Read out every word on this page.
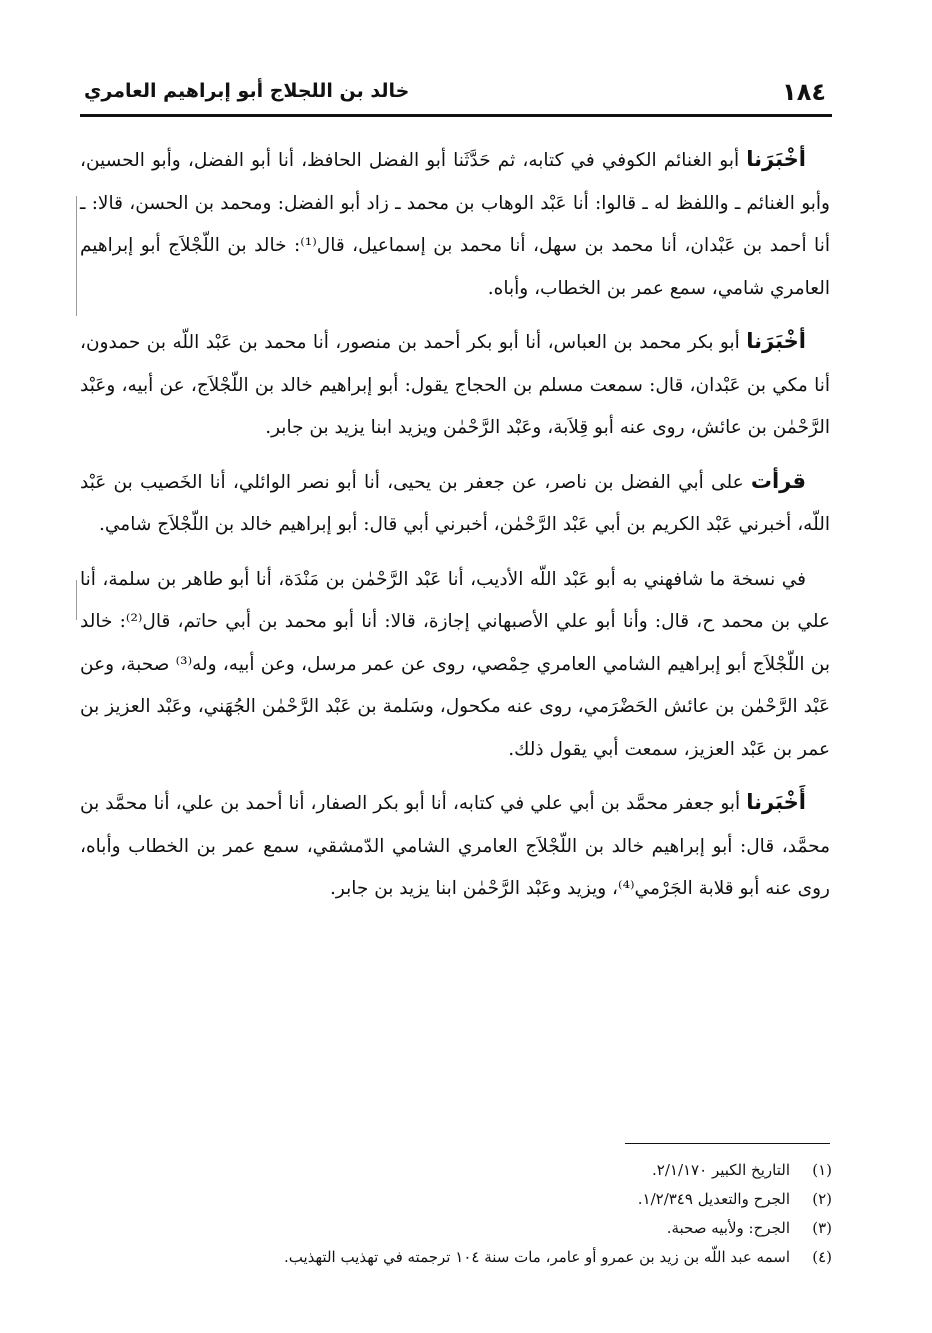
١٨٤
خالد بن اللجلاج أبو إبراهيم العامري

أخْبَرَنا أبو الغنائم الكوفي في كتابه، ثم حَدَّثَنا أبو الفضل الحافظ، أنا أبو الفضل، وأبو الحسين، وأبو الغنائم ـ واللفظ له ـ قالوا: أنا عَبْد الوهاب بن محمد ـ زاد أبو الفضل: ومحمد بن الحسن، قالا: ـ أنا أحمد بن عَبْدان، أنا محمد بن سهل، أنا محمد بن إسماعيل، قال⁽¹⁾: خالد بن اللّجْلاَج أبو إبراهيم العامري شامي، سمع عمر بن الخطاب، وأباه.

أخْبَرَنا أبو بكر محمد بن العباس، أنا أبو بكر أحمد بن منصور، أنا محمد بن عَبْد اللّه بن حمدون، أنا مكي بن عَبْدان، قال: سمعت مسلم بن الحجاج يقول: أبو إبراهيم خالد بن اللّجْلاَج، عن أبيه، وعَبْد الرَّحْمٰن بن عائش، روى عنه أبو قِلاَبة، وعَبْد الرَّحْمٰن ويزيد ابنا يزيد بن جابر.

قرأت على أبي الفضل بن ناصر، عن جعفر بن يحيى، أنا أبو نصر الوائلي، أنا الخَصيب بن عَبْد اللّه، أخبرني عَبْد الكريم بن أبي عَبْد الرَّحْمٰن، أخبرني أبي قال: أبو إبراهيم خالد بن اللّجْلاَج شامي.

في نسخة ما شافهني به أبو عَبْد اللّه الأديب، أنا عَبْد الرَّحْمٰن بن مَنْدَة، أنا أبو طاهر بن سلمة، أنا علي بن محمد ح، قال: وأنا أبو علي الأصبهاني إجازة، قالا: أنا أبو محمد بن أبي حاتم، قال⁽²⁾: خالد بن اللّجْلاَج أبو إبراهيم الشامي العامري حِمْصي، روى عن عمر مرسل، وعن أبيه، وله⁽³⁾ صحبة، وعن عَبْد الرَّحْمٰن بن عائش الحَضْرَمي، روى عنه مكحول، وسَلمة بن عَبْد الرَّحْمٰن الجُهَني، وعَبْد العزيز بن عمر بن عَبْد العزيز، سمعت أبي يقول ذلك.

أَخْبَرنا أبو جعفر محمَّد بن أبي علي في كتابه، أنا أبو بكر الصفار، أنا أحمد بن علي، أنا محمَّد بن محمَّد، قال: أبو إبراهيم خالد بن اللّجْلاَج العامري الشامي الدّمشقي، سمع عمر بن الخطاب وأباه، روى عنه أبو قلابة الجَرْمي⁽⁴⁾، ويزيد وعَبْد الرَّحْمٰن ابنا يزيد بن جابر.

(١)التاريخ الكبير ٢/١/١٧٠.
(٢)الجرح والتعديل ١/٢/٣٤٩.
(٣)الجرح: ولأبيه صحبة.
(٤)اسمه عبد اللّه بن زيد بن عمرو أو عامر، مات سنة ١٠٤ ترجمته في تهذيب التهذيب.
